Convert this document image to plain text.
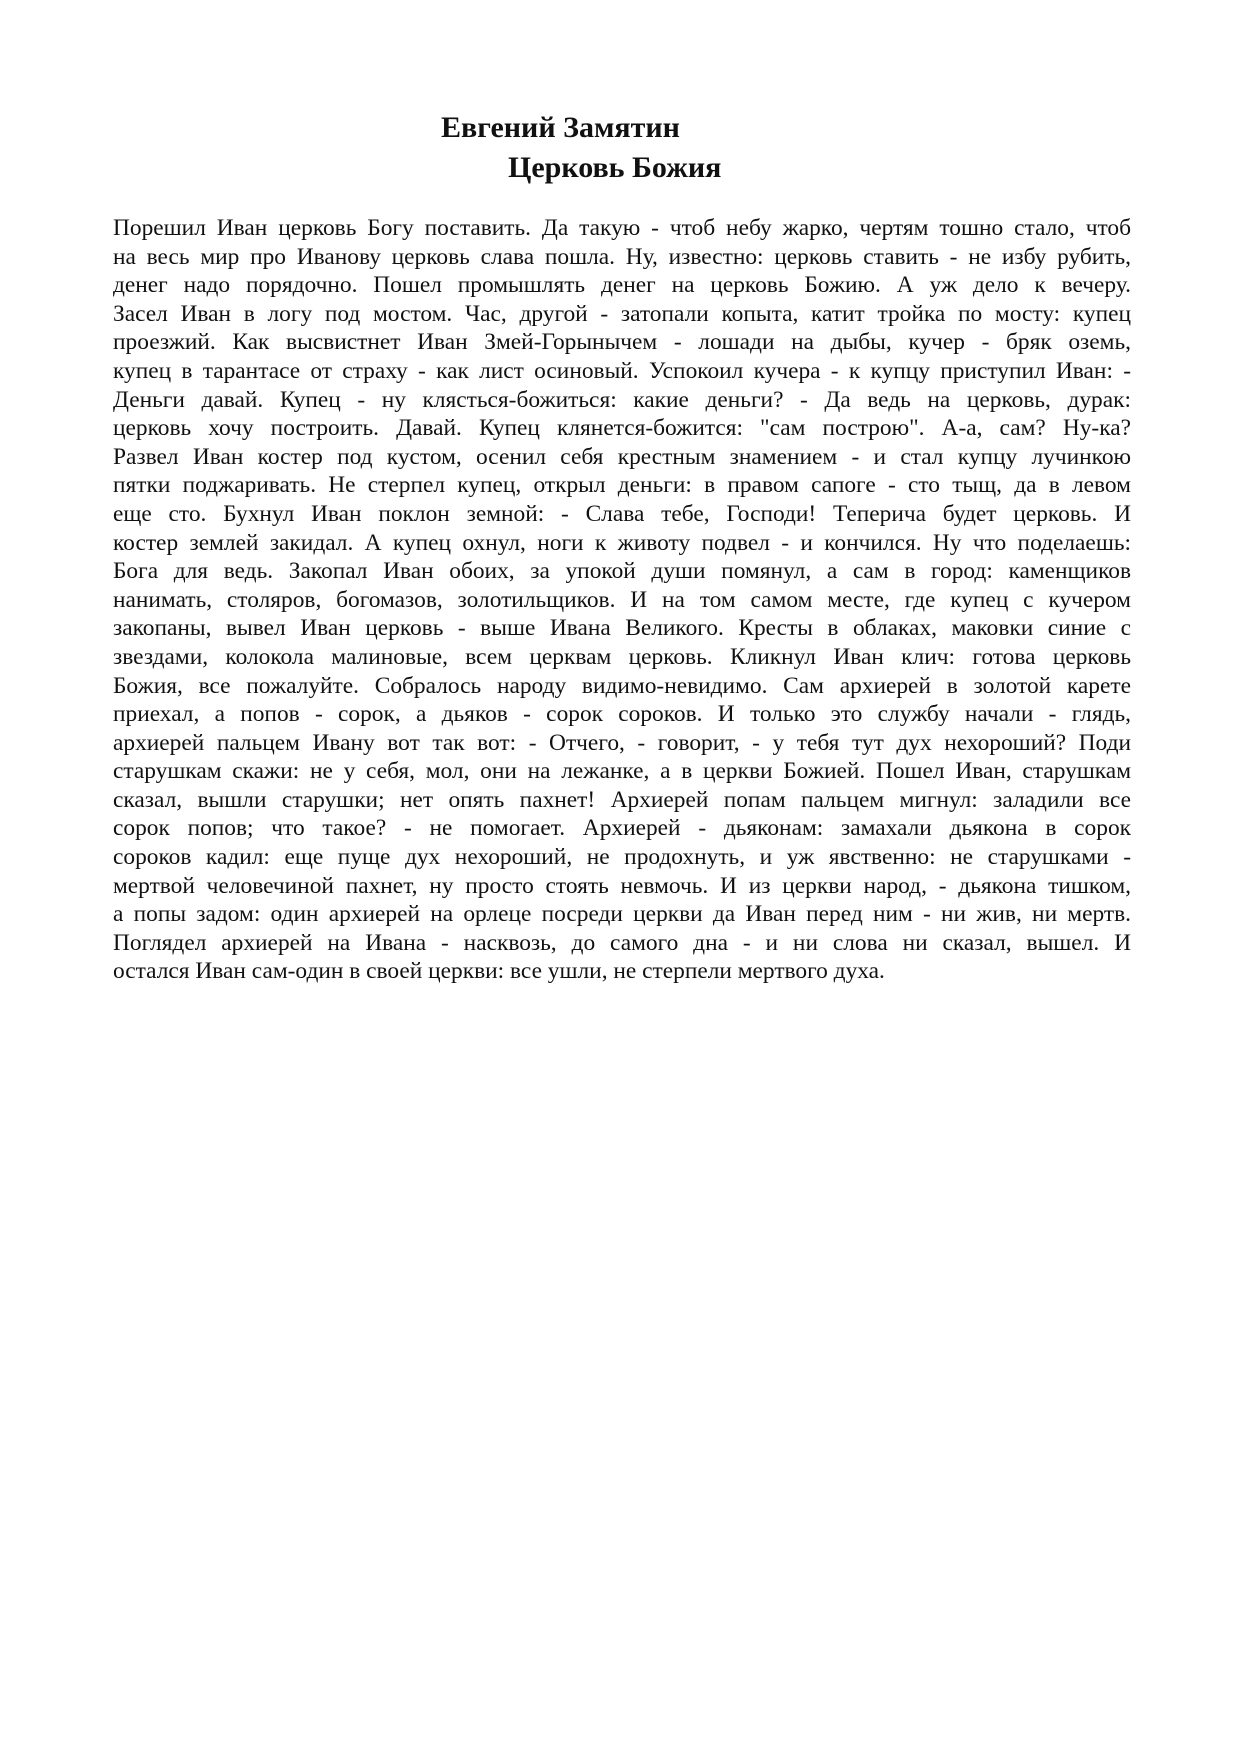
Евгений Замятин
Церковь Божия
Порешил Иван церковь Богу поставить. Да такую - чтоб небу жарко, чертям тошно стало, чтоб
на весь мир про Иванову церковь слава пошла. Ну, известно: церковь ставить - не избу рубить,
денег надо порядочно. Пошел промышлять денег на церковь Божию. А уж дело к вечеру.
Засел Иван в логу под мостом. Час, другой - затопали копыта, катит тройка по мосту: купец
проезжий. Как высвистнет Иван Змей-Горынычем - лошади на дыбы, кучер - бряк оземь,
купец в тарантасе от страху - как лист осиновый. Успокоил кучера - к купцу приступил Иван: -
Деньги давай. Купец - ну клясться-божиться: какие деньги? - Да ведь на церковь, дурак:
церковь хочу построить. Давай. Купец клянется-божится: "сам построю". А-а, сам? Ну-ка?
Развел Иван костер под кустом, осенил себя крестным знамением - и стал купцу лучинкою
пятки поджаривать. Не стерпел купец, открыл деньги: в правом сапоге - сто тыщ, да в левом
еще сто. Бухнул Иван поклон земной: - Слава тебе, Господи! Теперича будет церковь. И
костер землей закидал. А купец охнул, ноги к животу подвел - и кончился. Ну что поделаешь:
Бога для ведь. Закопал Иван обоих, за упокой души помянул, а сам в город: каменщиков
нанимать, столяров, богомазов, золотильщиков. И на том самом месте, где купец с кучером
закопаны, вывел Иван церковь - выше Ивана Великого. Кресты в облаках, маковки синие с
звездами, колокола малиновые, всем церквам церковь. Кликнул Иван клич: готова церковь
Божия, все пожалуйте. Собралось народу видимо-невидимо. Сам архиерей в золотой карете
приехал, а попов - сорок, а дьяков - сорок сороков. И только это службу начали - глядь,
архиерей пальцем Ивану вот так вот: - Отчего, - говорит, - у тебя тут дух нехороший? Поди
старушкам скажи: не у себя, мол, они на лежанке, а в церкви Божией. Пошел Иван, старушкам
сказал, вышли старушки; нет опять пахнет! Архиерей попам пальцем мигнул: заладили все
сорок попов; что такое? - не помогает. Архиерей - дьяконам: замахали дьякона в сорок
сороков кадил: еще пуще дух нехороший, не продохнуть, и уж явственно: не старушками -
мертвой человечиной пахнет, ну просто стоять невмочь. И из церкви народ, - дьякона тишком,
а попы задом: один архиерей на орлеце посреди церкви да Иван перед ним - ни жив, ни мертв.
Поглядел архиерей на Ивана - насквозь, до самого дна - и ни слова ни сказал, вышел. И
остался Иван сам-один в своей церкви: все ушли, не стерпели мертвого духа.
